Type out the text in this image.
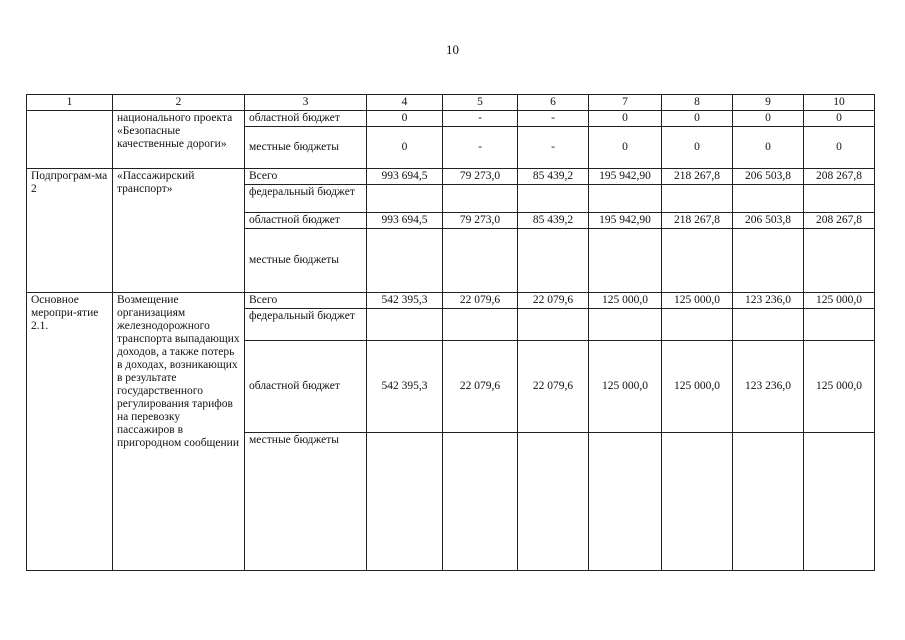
10
1	2	3	4	5	6	7	8	9	10
	национального проекта «Безопасные качественные дороги»	областной бюджет	0	-	-	0	0	0	0
		местные бюджеты	0	-	-	0	0	0	0
Подпрограм-ма 2	«Пассажирский транспорт»	Всего	993 694,5	79 273,0	85 439,2	195 942,90	218 267,8	206 503,8	208 267,8
		федеральный бюджет							
		областной бюджет	993 694,5	79 273,0	85 439,2	195 942,90	218 267,8	206 503,8	208 267,8
		местные бюджеты							
Основное меропри-ятие 2.1.	Возмещение организациям железнодорожного транспорта выпадающих доходов, а также потерь в доходах, возникающих в результате государственного регулирования тарифов на перевозку пассажиров в пригородном сообщении	Всего	542 395,3	22 079,6	22 079,6	125 000,0	125 000,0	123 236,0	125 000,0
		федеральный бюджет							
		областной бюджет	542 395,3	22 079,6	22 079,6	125 000,0	125 000,0	123 236,0	125 000,0
		местные бюджеты							
